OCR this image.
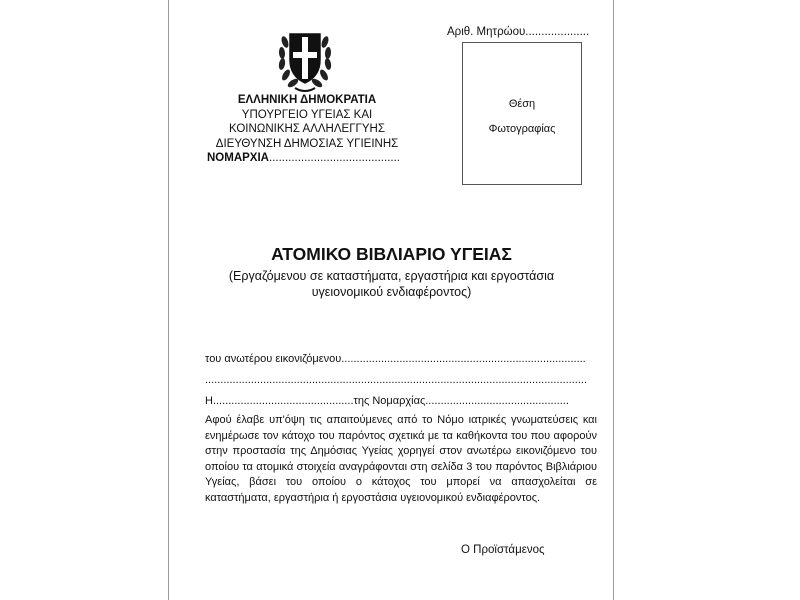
ΕΛΛΗΝΙΚΗ ΔΗΜΟΚΡΑΤΙΑ
ΥΠΟΥΡΓΕΙΟ ΥΓΕΙΑΣ ΚΑΙ
ΚΟΙΝΩΝΙΚΗΣ ΑΛΛΗΛΕΓΓΥΗΣ
ΔΙΕΥΘΥΝΣΗ ΔΗΜΟΣΙΑΣ ΥΓΙΕΙΝΗΣ
ΝΟΜΑΡΧΙΑ.........................................
Αριθ. Μητρώου....................
Θέση
Φωτογραφίας
ΑΤΟΜΙΚΟ ΒΙΒΛΙΑΡΙΟ ΥΓΕΙΑΣ
(Εργαζόμενου σε καταστήματα, εργαστήρια και εργοστάσια
υγειονομικού ενδιαφέροντος)
του ανωτέρου εικονιζόμενου................................................................................
.............................................................................................................................
Η..............................................της Νομαρχίας...............................................
Αφού έλαβε υπ'όψη τις απαιτούμενες από το Νόμο ιατρικές γνωματεύσεις και ενημέρωσε τον κάτοχο του παρόντος σχετικά με τα καθήκοντα του που αφορούν στην προστασία της Δημόσιας Υγείας χορηγεί στον ανωτέρω εικονιζόμενο του οποίου τα ατομικά στοιχεία αναγράφονται στη σελίδα 3 του παρόντος Βιβλιάριου Υγείας, βάσει του οποίου ο κάτοχος του μπορεί να απασχολείται σε καταστήματα, εργαστήρια ή εργοστάσια υγειονομικού ενδιαφέροντος.
Ο Προϊστάμενος
